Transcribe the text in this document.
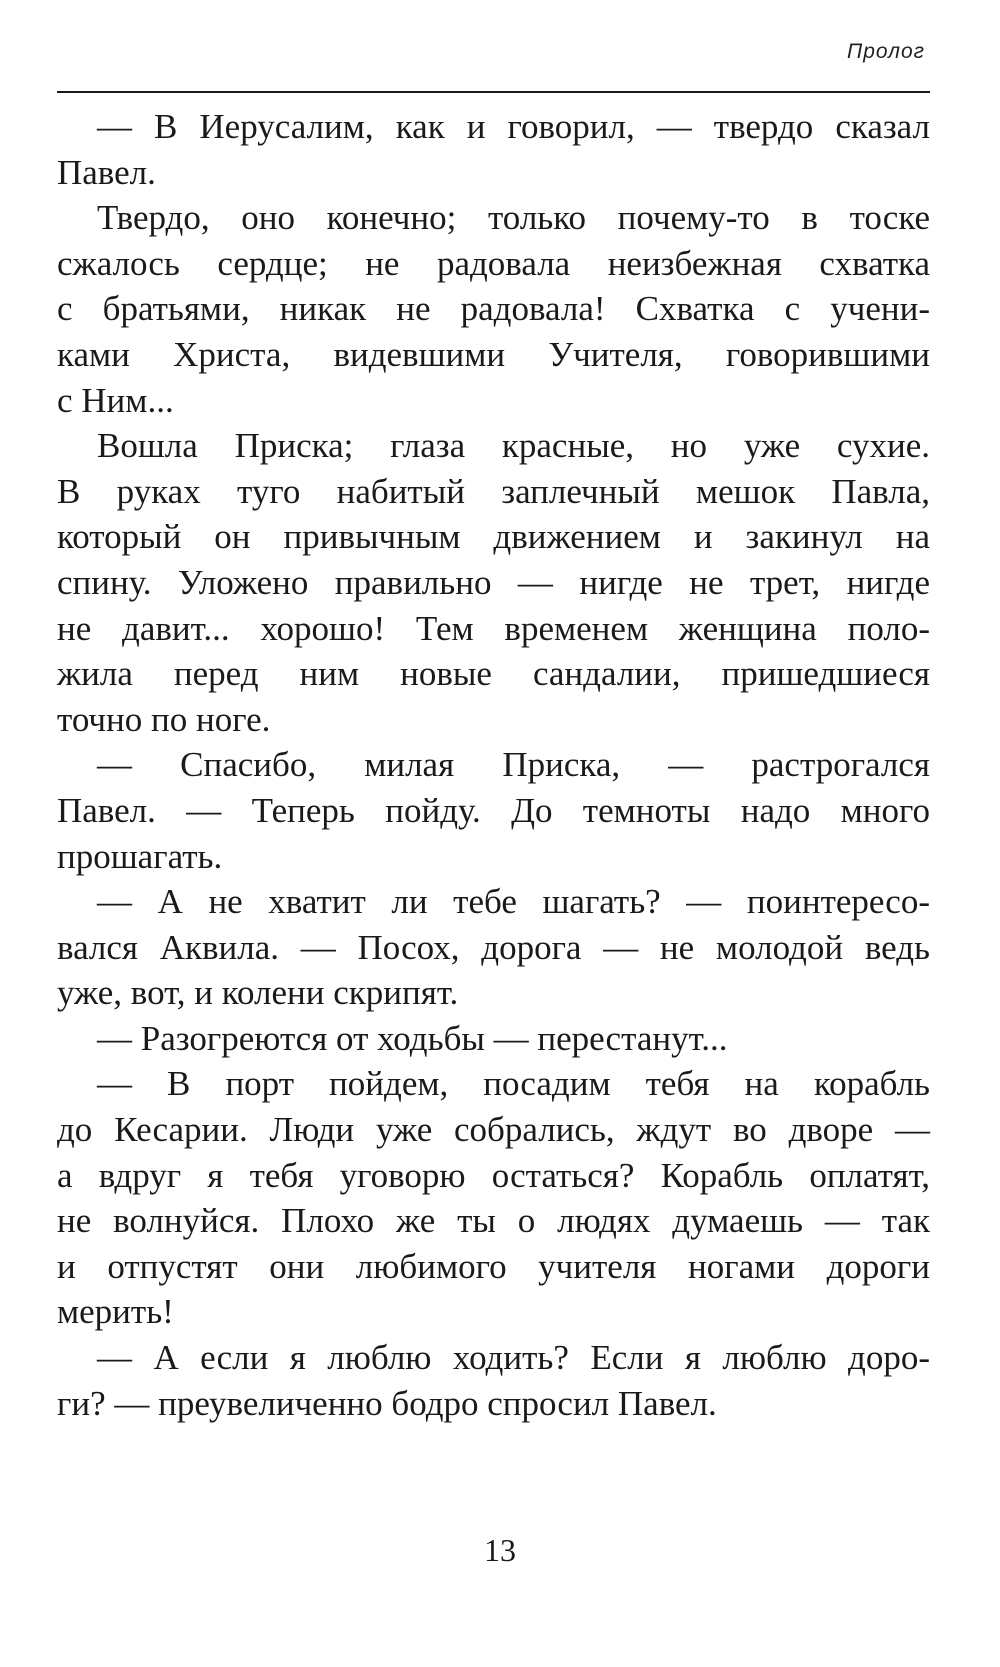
Пролог

— В Иерусалим, как и говорил, — твердо сказал
Павел.

Твердо, оно конечно; только почему-то в тоске
сжалось сердце; не радовала неизбежная схватка
с братьями, никак не радовала! Схватка с учени-
ками Христа, видевшими Учителя, говорившими
с Ним...

Вошла Приска; глаза красные, но уже сухие.
В руках туго набитый заплечный мешок Павла,
который он привычным движением и закинул на
спину. Уложено правильно — нигде не трет, нигде
не давит... хорошо! Тем временем женщина поло-
жила перед ним новые сандалии, пришедшиеся
точно по ноге.

— Спасибо, милая Приска, — растрогался
Павел. — Теперь пойду. До темноты надо много
прошагать.

— А не хватит ли тебе шагать? — поинтересо-
вался Аквила. — Посох, дорога — не молодой ведь
уже, вот, и колени скрипят.

— Разогреются от ходьбы — перестанут...

— В порт пойдем, посадим тебя на корабль
до Кесарии. Люди уже собрались, ждут во дворе —
а вдруг я тебя уговорю остаться? Корабль оплатят,
не волнуйся. Плохо же ты о людях думаешь — так
и отпустят они любимого учителя ногами дороги
мерить!

— А если я люблю ходить? Если я люблю доро-
ги? — преувеличенно бодро спросил Павел.

13
